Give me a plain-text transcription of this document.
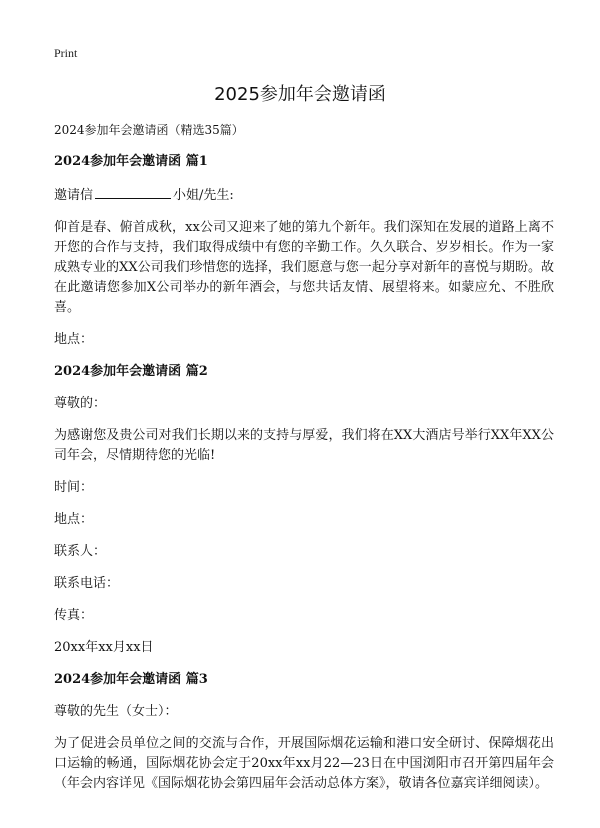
Print
2025参加年会邀请函
2024参加年会邀请函（精选35篇）
2024参加年会邀请函 篇1
邀请信	小姐/先生:
仰首是春、俯首成秋，xx公司又迎来了她的第九个新年。我们深知在发展的道路上离不开您的合作与支持，我们取得成绩中有您的辛勤工作。久久联合、岁岁相长。作为一家成熟专业的XX公司我们珍惜您的选择，我们愿意与您一起分享对新年的喜悦与期盼。故在此邀请您参加X公司举办的新年酒会，与您共话友情、展望将来。如蒙应允、不胜欣喜。
地点：
2024参加年会邀请函 篇2
尊敬的：
为感谢您及贵公司对我们长期以来的支持与厚爱，我们将在XX大酒店号举行XX年XX公司年会，尽情期待您的光临!
时间：
地点：
联系人：
联系电话：
传真：
20xx年xx月xx日
2024参加年会邀请函 篇3
尊敬的先生（女士）：
为了促进会员单位之间的交流与合作，开展国际烟花运输和港口安全研讨、保障烟花出口运输的畅通，国际烟花协会定于20xx年xx月22—23日在中国浏阳市召开第四届年会（年会内容详见《国际烟花协会第四届年会活动总体方案》，敬请各位嘉宾详细阅读）。
